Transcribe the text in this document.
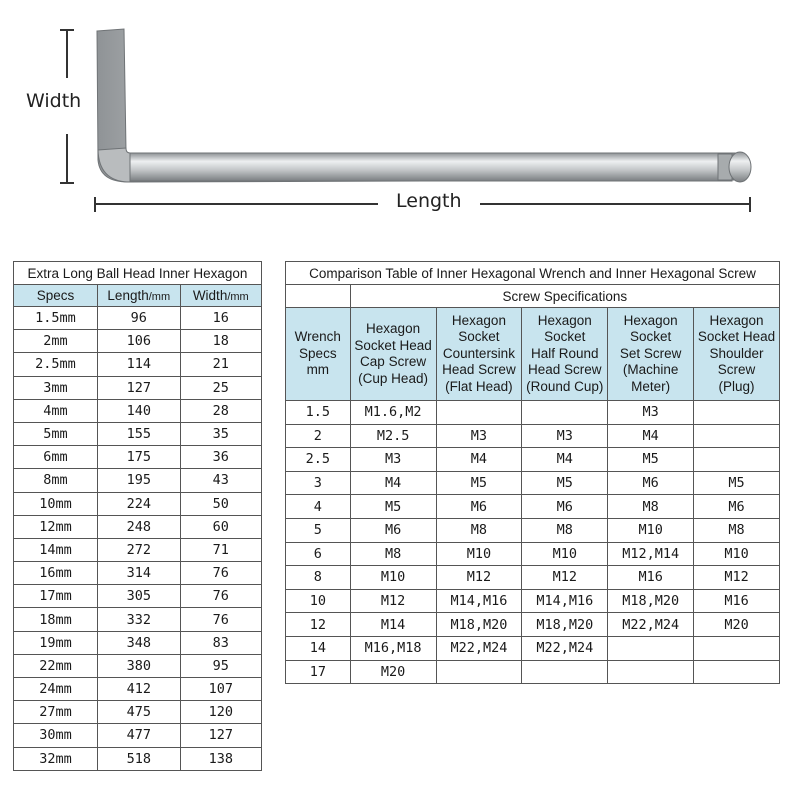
Width
Length
Extra Long Ball Head Inner Hexagon		
Specs	Length/mm	Width/mm
1.5mm	96	16
2mm	106	18
2.5mm	114	21
3mm	127	25
4mm	140	28
5mm	155	35
6mm	175	36
8mm	195	43
10mm	224	50
12mm	248	60
14mm	272	71
16mm	314	76
17mm	305	76
18mm	332	76
19mm	348	83
22mm	380	95
24mm	412	107
27mm	475	120
30mm	477	127
32mm	518	138
Comparison Table of Inner Hexagonal Wrench and Inner Hexagonal Screw					
	Screw Specifications				
Wrench
Specs
mm	Hexagon
Socket Head
Cap Screw
(Cup Head)	Hexagon
Socket
Countersink
Head Screw
(Flat Head)	Hexagon
Socket
Half Round
Head Screw
(Round Cup)	Hexagon
Socket
Set Screw
(Machine
Meter)	Hexagon
Socket Head
Shoulder
Screw
(Plug)
1.5	M1.6,M2			M3	
2	M2.5	M3	M3	M4	
2.5	M3	M4	M4	M5	
3	M4	M5	M5	M6	M5
4	M5	M6	M6	M8	M6
5	M6	M8	M8	M10	M8
6	M8	M10	M10	M12,M14	M10
8	M10	M12	M12	M16	M12
10	M12	M14,M16	M14,M16	M18,M20	M16
12	M14	M18,M20	M18,M20	M22,M24	M20
14	M16,M18	M22,M24	M22,M24		
17	M20				
